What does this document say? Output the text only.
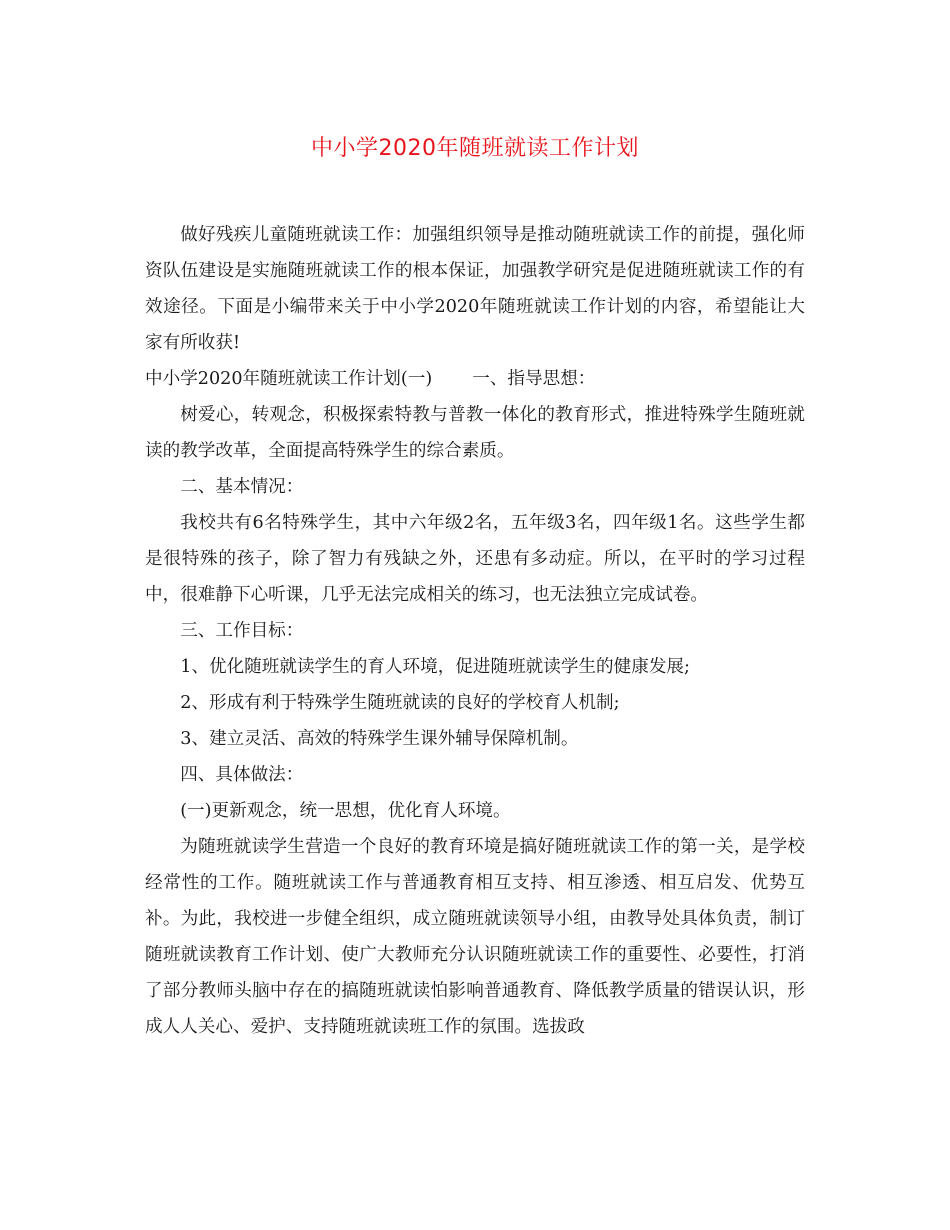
中小学2020年随班就读工作计划

做好残疾儿童随班就读工作：加强组织领导是推动随班就读工作的前提，强化师资队伍建设是实施随班就读工作的根本保证，加强教学研究是促进随班就读工作的有效途径。下面是小编带来关于中小学2020年随班就读工作计划的内容，希望能让大家有所收获!

中小学2020年随班就读工作计划(一) 一、指导思想：

树爱心，转观念，积极探索特教与普教一体化的教育形式，推进特殊学生随班就读的教学改革，全面提高特殊学生的综合素质。

二、基本情况：

我校共有6名特殊学生，其中六年级2名，五年级3名，四年级1名。这些学生都是很特殊的孩子，除了智力有残缺之外，还患有多动症。所以，在平时的学习过程中，很难静下心听课，几乎无法完成相关的练习，也无法独立完成试卷。

三、工作目标：

1、优化随班就读学生的育人环境，促进随班就读学生的健康发展;

2、形成有利于特殊学生随班就读的良好的学校育人机制;

3、建立灵活、高效的特殊学生课外辅导保障机制。

四、具体做法：

(一)更新观念，统一思想，优化育人环境。

为随班就读学生营造一个良好的教育环境是搞好随班就读工作的第一关，是学校经常性的工作。随班就读工作与普通教育相互支持、相互渗透、相互启发、优势互补。为此，我校进一步健全组织，成立随班就读领导小组，由教导处具体负责，制订随班就读教育工作计划、使广大教师充分认识随班就读工作的重要性、必要性，打消了部分教师头脑中存在的搞随班就读怕影响普通教育、降低教学质量的错误认识，形成人人关心、爱护、支持随班就读班工作的氛围。选拔政
